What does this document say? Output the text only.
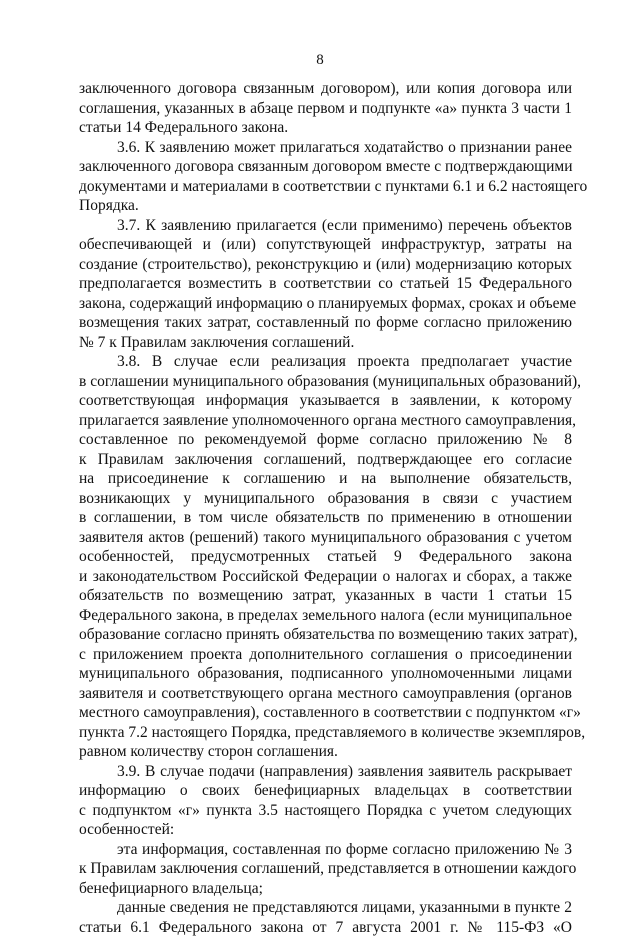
8
заключенного договора связанным договором), или копия договора или
соглашения, указанных в абзаце первом и подпункте «а» пункта 3 части 1
статьи 14 Федерального закона.
3.6. К заявлению может прилагаться ходатайство о признании ранее
заключенного договора связанным договором вместе с подтверждающими
документами и материалами в соответствии с пунктами 6.1 и 6.2 настоящего
Порядка.
3.7. К заявлению прилагается (если применимо) перечень объектов
обеспечивающей и (или) сопутствующей инфраструктур, затраты на
создание (строительство), реконструкцию и (или) модернизацию которых
предполагается возместить в соответствии со статьей 15 Федерального
закона, содержащий информацию о планируемых формах, сроках и объеме
возмещения таких затрат, составленный по форме согласно приложению
№ 7 к Правилам заключения соглашений.
3.8. В случае если реализация проекта предполагает участие
в соглашении муниципального образования (муниципальных образований),
соответствующая информация указывается в заявлении, к которому
прилагается заявление уполномоченного органа местного самоуправления,
составленное по рекомендуемой форме согласно приложению № 8
к Правилам заключения соглашений, подтверждающее его согласие
на присоединение к соглашению и на выполнение обязательств,
возникающих у муниципального образования в связи с участием
в соглашении, в том числе обязательств по применению в отношении
заявителя актов (решений) такого муниципального образования с учетом
особенностей, предусмотренных статьей 9 Федерального закона
и законодательством Российской Федерации о налогах и сборах, а также
обязательств по возмещению затрат, указанных в части 1 статьи 15
Федерального закона, в пределах земельного налога (если муниципальное
образование согласно принять обязательства по возмещению таких затрат),
с приложением проекта дополнительного соглашения о присоединении
муниципального образования, подписанного уполномоченными лицами
заявителя и соответствующего органа местного самоуправления (органов
местного самоуправления), составленного в соответствии с подпунктом «г»
пункта 7.2 настоящего Порядка, представляемого в количестве экземпляров,
равном количеству сторон соглашения.
3.9. В случае подачи (направления) заявления заявитель раскрывает
информацию о своих бенефициарных владельцах в соответствии
с подпунктом «г» пункта 3.5 настоящего Порядка с учетом следующих
особенностей:
эта информация, составленная по форме согласно приложению № 3
к Правилам заключения соглашений, представляется в отношении каждого
бенефициарного владельца;
данные сведения не представляются лицами, указанными в пункте 2
статьи 6.1 Федерального закона от 7 августа 2001 г. № 115-ФЗ «О
